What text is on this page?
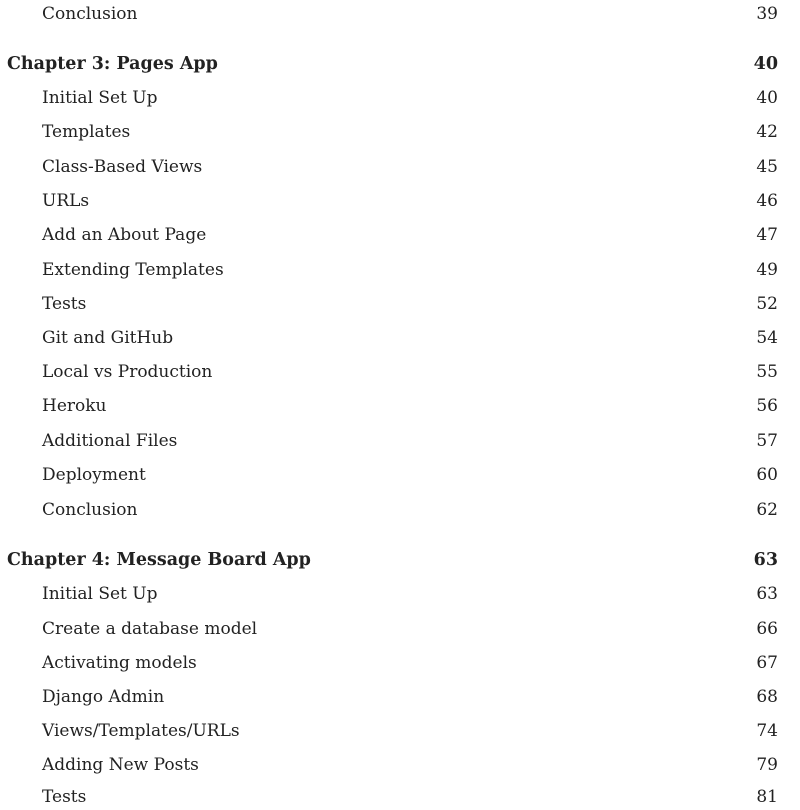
Conclusion	39
Chapter 3: Pages App	40
Initial Set Up	40
Templates	42
Class-Based Views	45
URLs	46
Add an About Page	47
Extending Templates	49
Tests	52
Git and GitHub	54
Local vs Production	55
Heroku	56
Additional Files	57
Deployment	60
Conclusion	62
Chapter 4: Message Board App	63
Initial Set Up	63
Create a database model	66
Activating models	67
Django Admin	68
Views/Templates/URLs	74
Adding New Posts	79
Tests	81
